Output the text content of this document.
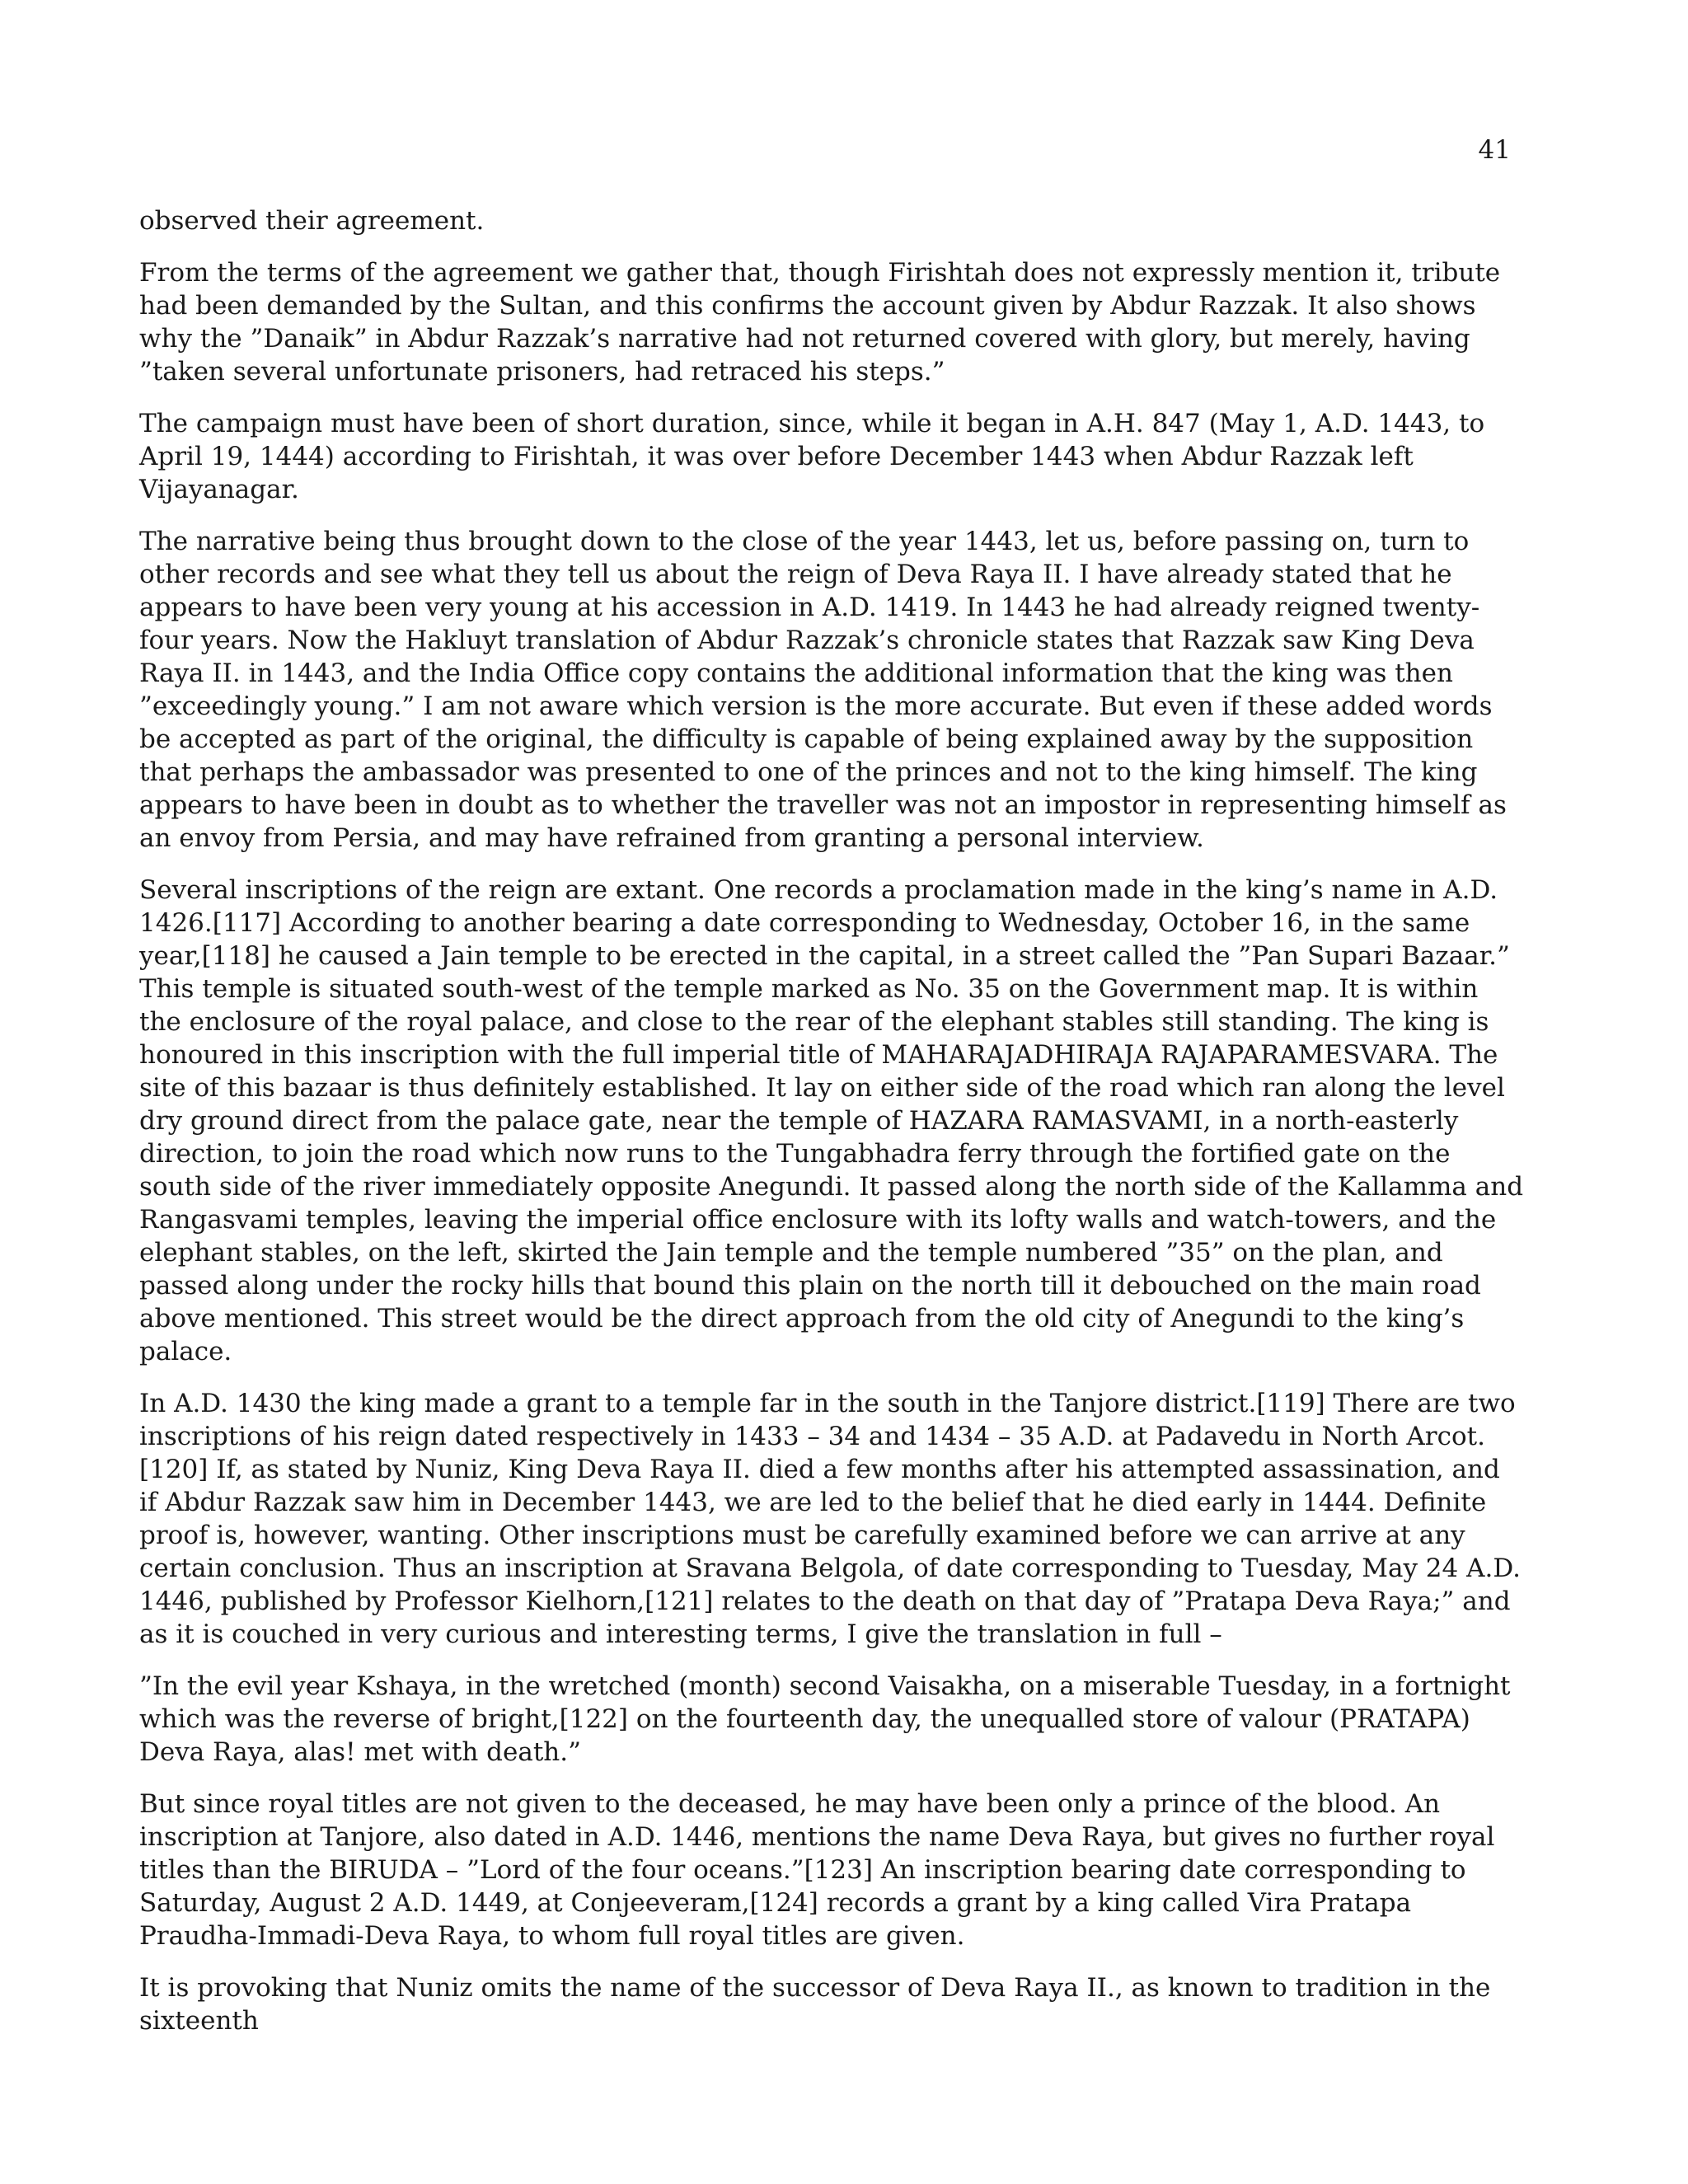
41

observed their agreement.

From the terms of the agreement we gather that, though Firishtah does not expressly mention it, tribute had been demanded by the Sultan, and this confirms the account given by Abdur Razzak. It also shows why the ”Danaik” in Abdur Razzak’s narrative had not returned covered with glory, but merely, having ”taken several unfortunate prisoners, had retraced his steps.”

The campaign must have been of short duration, since, while it began in A.H. 847 (May 1, A.D. 1443, to April 19, 1444) according to Firishtah, it was over before December 1443 when Abdur Razzak left Vijayanagar.

The narrative being thus brought down to the close of the year 1443, let us, before passing on, turn to other records and see what they tell us about the reign of Deva Raya II. I have already stated that he appears to have been very young at his accession in A.D. 1419. In 1443 he had already reigned twenty-four years. Now the Hakluyt translation of Abdur Razzak’s chronicle states that Razzak saw King Deva Raya II. in 1443, and the India Office copy contains the additional information that the king was then ”exceedingly young.” I am not aware which version is the more accurate. But even if these added words be accepted as part of the original, the difficulty is capable of being explained away by the supposition that perhaps the ambassador was presented to one of the princes and not to the king himself. The king appears to have been in doubt as to whether the traveller was not an impostor in representing himself as an envoy from Persia, and may have refrained from granting a personal interview.

Several inscriptions of the reign are extant. One records a proclamation made in the king’s name in A.D. 1426.[117] According to another bearing a date corresponding to Wednesday, October 16, in the same year,[118] he caused a Jain temple to be erected in the capital, in a street called the ”Pan Supari Bazaar.” This temple is situated south-west of the temple marked as No. 35 on the Government map. It is within the enclosure of the royal palace, and close to the rear of the elephant stables still standing. The king is honoured in this inscription with the full imperial title of MAHARAJADHIRAJA RAJAPARAMESVARA. The site of this bazaar is thus definitely established. It lay on either side of the road which ran along the level dry ground direct from the palace gate, near the temple of HAZARA RAMASVAMI, in a north-easterly direction, to join the road which now runs to the Tungabhadra ferry through the fortified gate on the south side of the river immediately opposite Anegundi. It passed along the north side of the Kallamma and Rangasvami temples, leaving the imperial office enclosure with its lofty walls and watch-towers, and the elephant stables, on the left, skirted the Jain temple and the temple numbered ”35” on the plan, and passed along under the rocky hills that bound this plain on the north till it debouched on the main road above mentioned. This street would be the direct approach from the old city of Anegundi to the king’s palace.

In A.D. 1430 the king made a grant to a temple far in the south in the Tanjore district.[119] There are two inscriptions of his reign dated respectively in 1433 – 34 and 1434 – 35 A.D. at Padavedu in North Arcot.[120] If, as stated by Nuniz, King Deva Raya II. died a few months after his attempted assassination, and if Abdur Razzak saw him in December 1443, we are led to the belief that he died early in 1444. Definite proof is, however, wanting. Other inscriptions must be carefully examined before we can arrive at any certain conclusion. Thus an inscription at Sravana Belgola, of date corresponding to Tuesday, May 24 A.D. 1446, published by Professor Kielhorn,[121] relates to the death on that day of ”Pratapa Deva Raya;” and as it is couched in very curious and interesting terms, I give the translation in full –

”In the evil year Kshaya, in the wretched (month) second Vaisakha, on a miserable Tuesday, in a fortnight which was the reverse of bright,[122] on the fourteenth day, the unequalled store of valour (PRATAPA) Deva Raya, alas! met with death.”

But since royal titles are not given to the deceased, he may have been only a prince of the blood. An inscription at Tanjore, also dated in A.D. 1446, mentions the name Deva Raya, but gives no further royal titles than the BIRUDA – ”Lord of the four oceans.”[123] An inscription bearing date corresponding to Saturday, August 2 A.D. 1449, at Conjeeveram,[124] records a grant by a king called Vira Pratapa Praudha-Immadi-Deva Raya, to whom full royal titles are given.

It is provoking that Nuniz omits the name of the successor of Deva Raya II., as known to tradition in the sixteenth
